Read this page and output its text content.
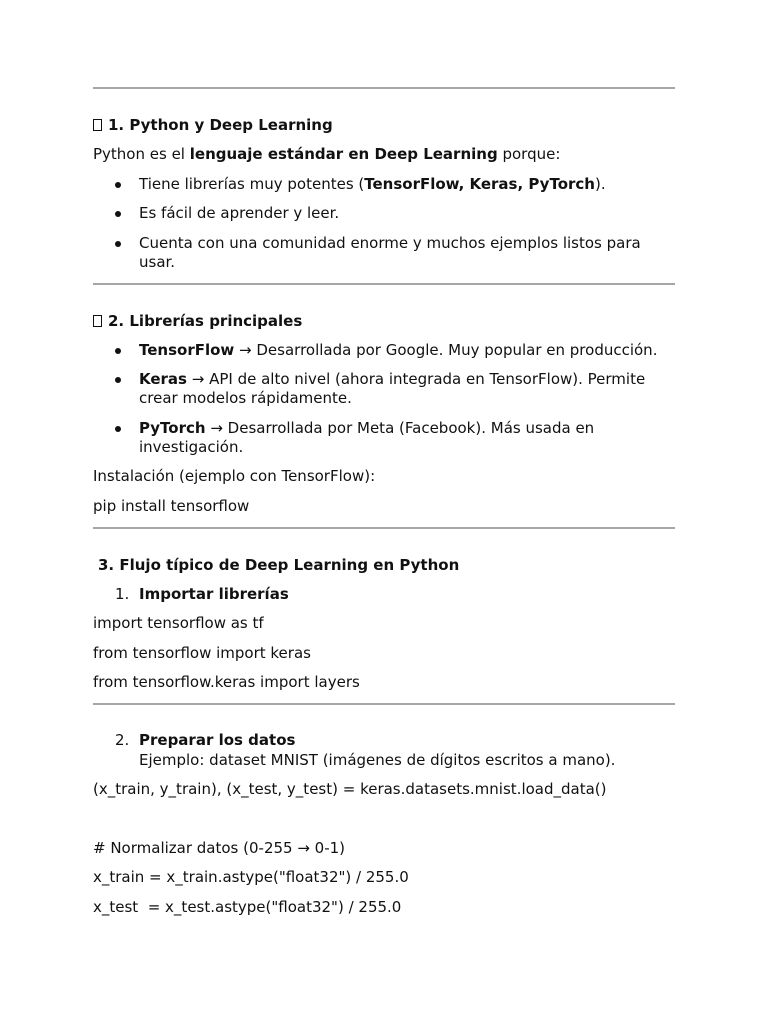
1. Python y Deep Learning
Python es el lenguaje estándar en Deep Learning porque:
Tiene librerías muy potentes (TensorFlow, Keras, PyTorch).
Es fácil de aprender y leer.
Cuenta con una comunidad enorme y muchos ejemplos listos para
usar.
2. Librerías principales
TensorFlow → Desarrollada por Google. Muy popular en producción.
Keras → API de alto nivel (ahora integrada en TensorFlow). Permite
crear modelos rápidamente.
PyTorch → Desarrollada por Meta (Facebook). Más usada en
investigación.
Instalación (ejemplo con TensorFlow):
pip install tensorflow
3. Flujo típico de Deep Learning en Python
1. Importar librerías
import tensorflow as tf
from tensorflow import keras
from tensorflow.keras import layers
2. Preparar los datos
Ejemplo: dataset MNIST (imágenes de dígitos escritos a mano).
(x_train, y_train), (x_test, y_test) = keras.datasets.mnist.load_data()
# Normalizar datos (0-255 → 0-1)
x_train = x_train.astype("float32") / 255.0
x_test  = x_test.astype("float32") / 255.0
